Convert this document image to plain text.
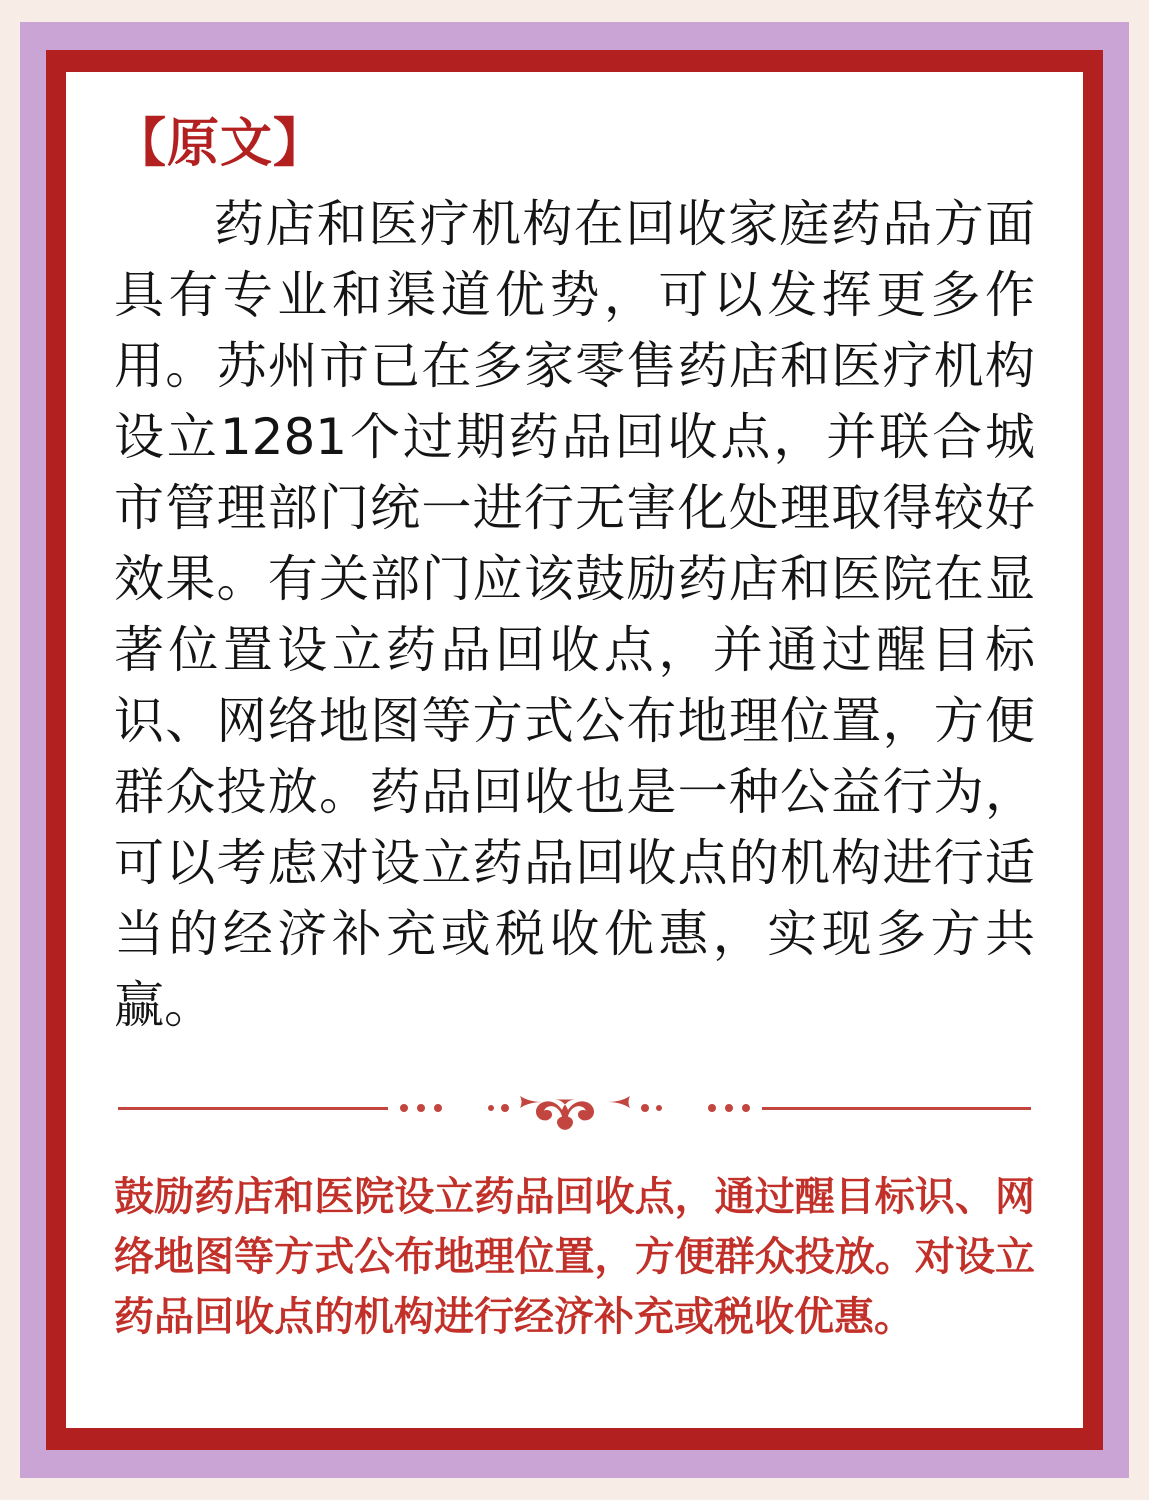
【原文】

药店和医疗机构在回收家庭药品方面具有专业和渠道优势，可以发挥更多作用。苏州市已在多家零售药店和医疗机构设立1281个过期药品回收点，并联合城市管理部门统一进行无害化处理取得较好效果。有关部门应该鼓励药店和医院在显著位置设立药品回收点，并通过醒目标识、网络地图等方式公布地理位置，方便群众投放。药品回收也是一种公益行为，可以考虑对设立药品回收点的机构进行适当的经济补充或税收优惠，实现多方共赢。

鼓励药店和医院设立药品回收点，通过醒目标识、网络地图等方式公布地理位置，方便群众投放。对设立药品回收点的机构进行经济补充或税收优惠。
